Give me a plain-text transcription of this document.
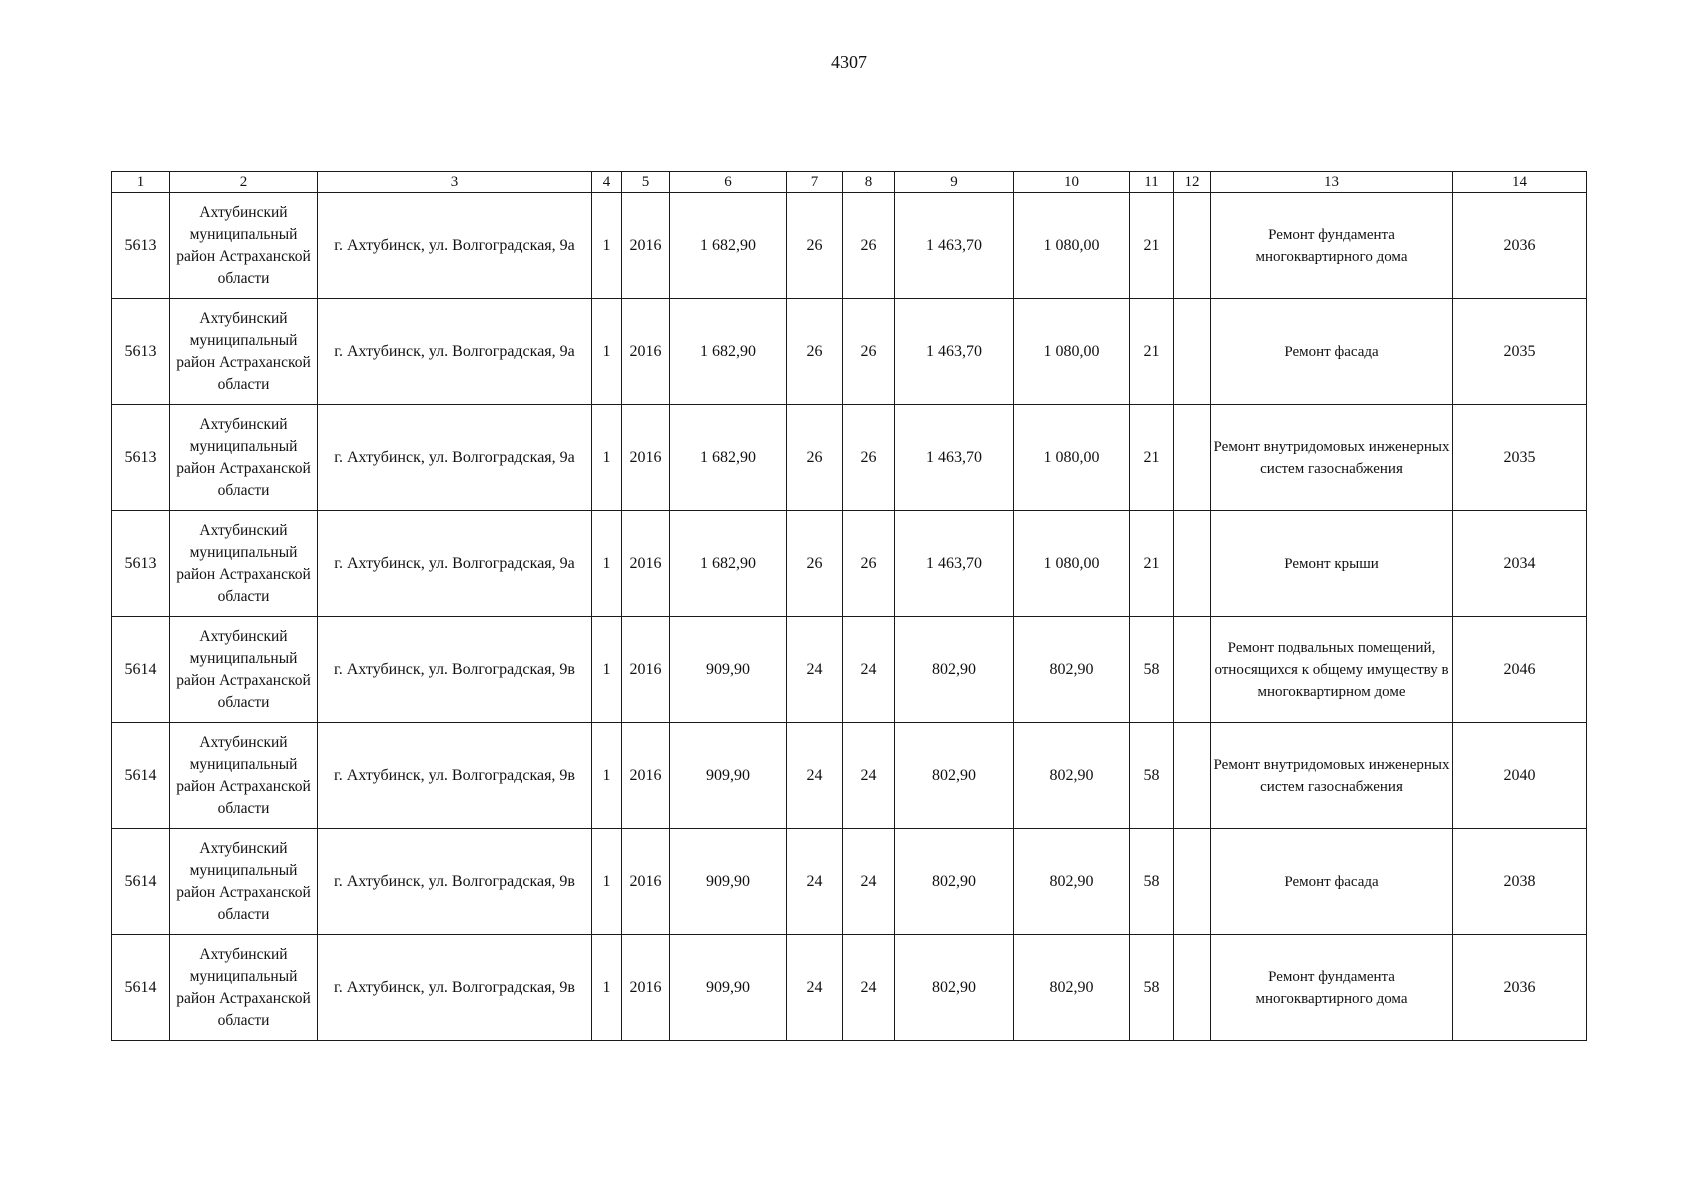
4307
1	2	3	4	5	6	7	8	9	10	11	12	13	14
5613	Ахтубинский муниципальный район Астраханской области	г. Ахтубинск, ул. Волгоградская, 9а	1	2016	1 682,90	26	26	1 463,70	1 080,00	21		Ремонт фундамента многоквартирного дома	2036
5613	Ахтубинский муниципальный район Астраханской области	г. Ахтубинск, ул. Волгоградская, 9а	1	2016	1 682,90	26	26	1 463,70	1 080,00	21		Ремонт фасада	2035
5613	Ахтубинский муниципальный район Астраханской области	г. Ахтубинск, ул. Волгоградская, 9а	1	2016	1 682,90	26	26	1 463,70	1 080,00	21		Ремонт внутридомовых инженерных систем газоснабжения	2035
5613	Ахтубинский муниципальный район Астраханской области	г. Ахтубинск, ул. Волгоградская, 9а	1	2016	1 682,90	26	26	1 463,70	1 080,00	21		Ремонт крыши	2034
5614	Ахтубинский муниципальный район Астраханской области	г. Ахтубинск, ул. Волгоградская, 9в	1	2016	909,90	24	24	802,90	802,90	58		Ремонт подвальных помещений, относящихся к общему имуществу в многоквартирном доме	2046
5614	Ахтубинский муниципальный район Астраханской области	г. Ахтубинск, ул. Волгоградская, 9в	1	2016	909,90	24	24	802,90	802,90	58		Ремонт внутридомовых инженерных систем газоснабжения	2040
5614	Ахтубинский муниципальный район Астраханской области	г. Ахтубинск, ул. Волгоградская, 9в	1	2016	909,90	24	24	802,90	802,90	58		Ремонт фасада	2038
5614	Ахтубинский муниципальный район Астраханской области	г. Ахтубинск, ул. Волгоградская, 9в	1	2016	909,90	24	24	802,90	802,90	58		Ремонт фундамента многоквартирного дома	2036
